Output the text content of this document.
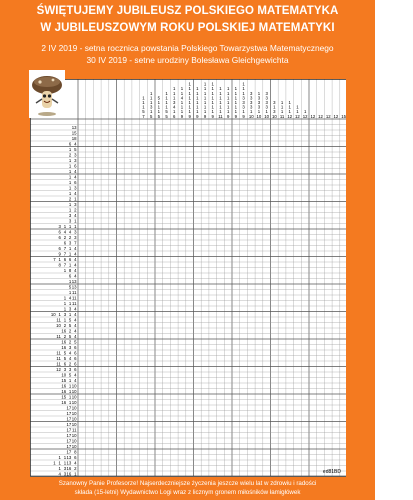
ŚWIĘTUJEMY JUBILEUSZ POLSKIEGO MATEMATYKA
W JUBILEUSZOWYM ROKU POLSKIEJ MATEMATYKI
2 IV 2019 - setna rocznica powstania Polskiego Towarzystwa Matematycznego
30 IV 2019 - setne urodziny Bolesława Gleichgewichta
1
1
1
5
7
1
1
1
3
1
5
5
1
1
1
5
1
1
1
1
5
5
1
1
1
3
4
1
6
1
1
4
1
1
1
9
1
1
1
1
1
1
1
9
1
1
1
1
1
1
9
1
1
1
1
1
1
1
9
1
1
1
1
1
1
1
9
1
1
1
1
1
1
11
1
1
1
1
1
1
9
1
1
1
1
1
1
9
1
1
1
3
3
3
1
9
3
3
3
3
1
10
1
3
3
3
1
10
3
3
3
3
1
10
3
1
3
10
1
1
1
11
1
1
1
12
1
1
12
1
12 12 12 12 12 15
13
15
18
6 4
1 5
2 3
1 3
1 6
1 4
1 4
1 6
1 3
1 4
2 1
1 3
1 2
3 4
3 1
3 1 1 1
6 4 4 3
6 2 2 3
6 3 7
6 7 1 4
9 7 1 4
7 1 6 6 4
8 7 1 4
1 8 4
6 4
1 13
5 13
1 11
1 4 11
1 1 11
1 3 4
10 1 3 1 4
11 1 5 4
10 2 5 4
16 2 4
11 2 5 4
16 2 5
16 3 6
11 5 4 6
11 5 4 6
11 6 2 6
12 3 3 6
10 5 4
15 1 4
16 1 10
16 1 10
15 1 10
16 1 10
17 10
17 10
17 10
17 10
17 11
17 10
17 10
17 10
17 8
1 1 13 6
1 1 1 13 4
1 3 16 2
4 3 16 1
Szanowny Panie Profesorze! Najserdeczniejsze życzenia jeszcze wielu lat w zdrowiu i radości
składa (15-letni) Wydawnictwo Logi wraz z licznym gronem miłośników łamigłówek
ed81BD
